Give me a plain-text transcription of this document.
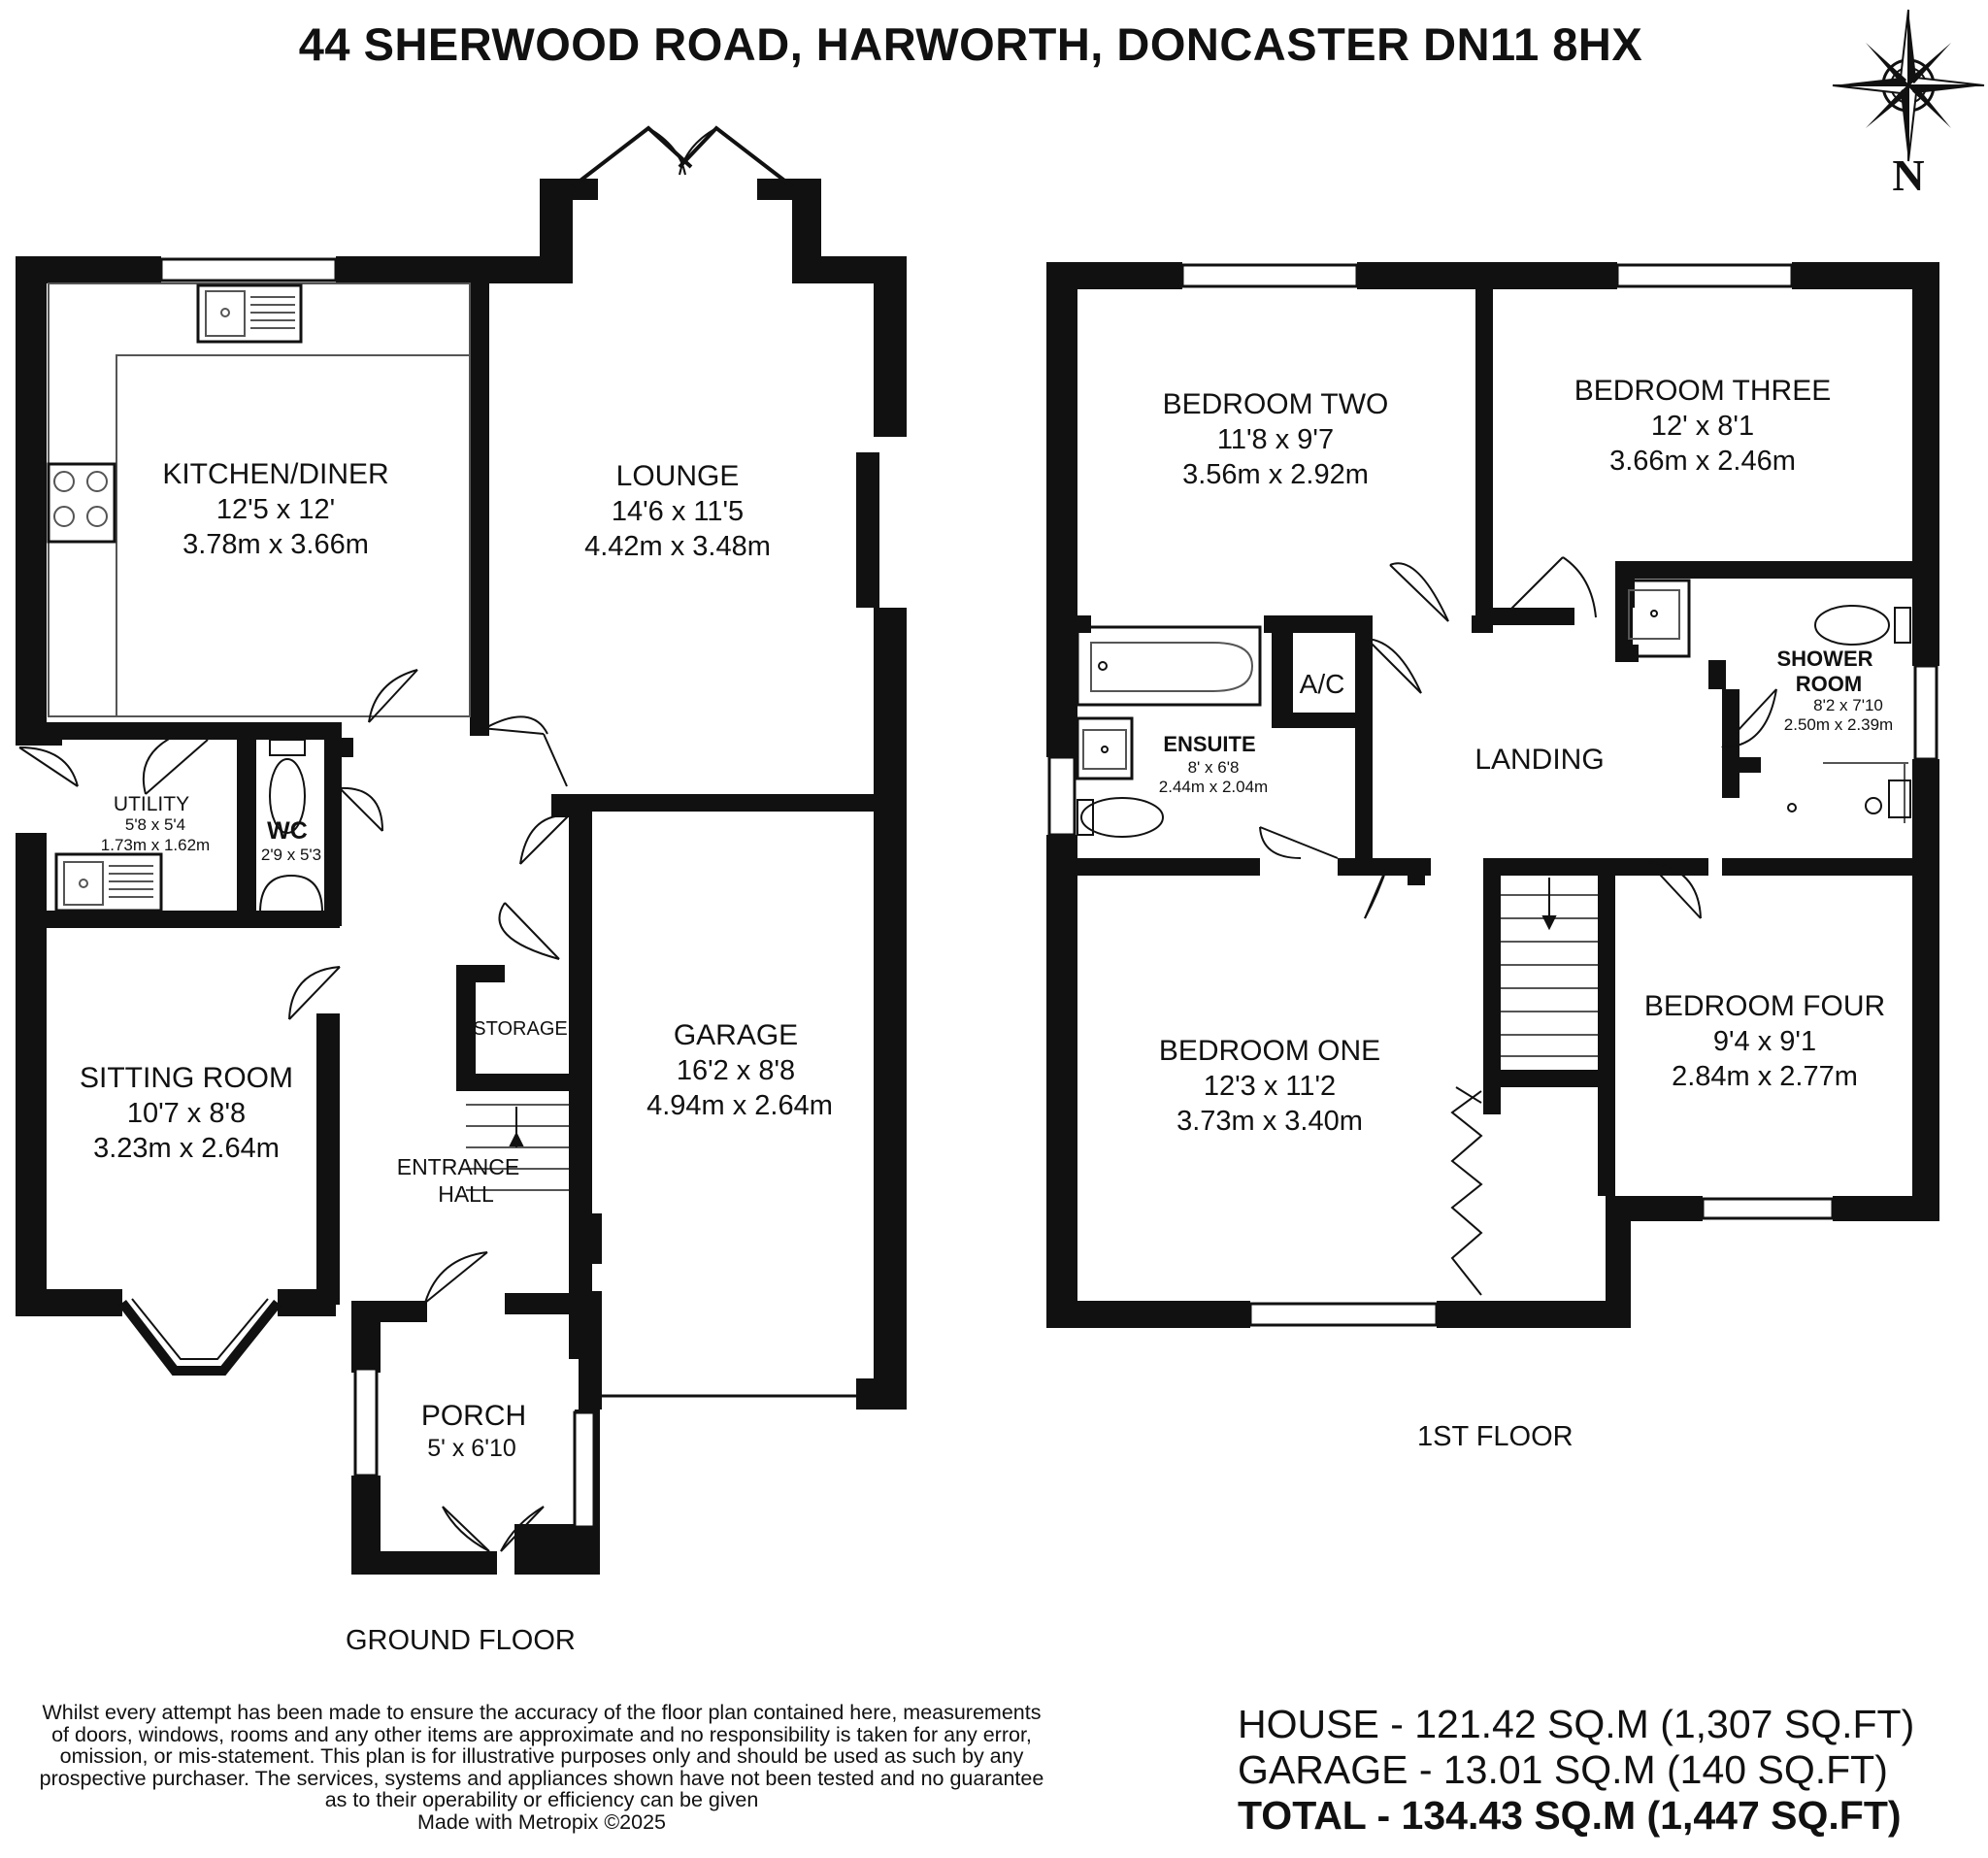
44 SHERWOOD ROAD, HARWORTH, DONCASTER DN11 8HX
N
KITCHEN/DINER
12'5 x 12'
3.78m x 3.66m
LOUNGE
14'6 x 11'5
4.42m x 3.48m
UTILITY
5'8 x 5'4
1.73m x 1.62m
WC
2'9 x 5'3
SITTING ROOM
10'7 x 8'8
3.23m x 2.64m
STORAGE
ENTRANCE
HALL
GARAGE
16'2 x 8'8
4.94m x 2.64m
PORCH
5' x 6'10
BEDROOM TWO
11'8 x 9'7
3.56m x 2.92m
BEDROOM THREE
12' x 8'1
3.66m x 2.46m
A/C
ENSUITE
8' x 6'8
2.44m x 2.04m
LANDING
SHOWER
ROOM
8'2 x 7'10
2.50m x 2.39m
BEDROOM ONE
12'3 x 11'2
3.73m x 3.40m
BEDROOM FOUR
9'4 x 9'1
2.84m x 2.77m
GROUND FLOOR
1ST FLOOR
Whilst every attempt has been made to ensure the accuracy of the floor plan contained here, measurements
of doors, windows, rooms and any other items are approximate and no responsibility is taken for any error,
omission, or mis-statement. This plan is for illustrative purposes only and should be used as such by any
prospective purchaser. The services, systems and appliances shown have not been tested and no guarantee
as to their operability or efficiency can be given
Made with Metropix ©2025
HOUSE - 121.42 SQ.M (1,307 SQ.FT)
GARAGE - 13.01 SQ.M (140 SQ.FT)
TOTAL - 134.43 SQ.M (1,447 SQ.FT)
